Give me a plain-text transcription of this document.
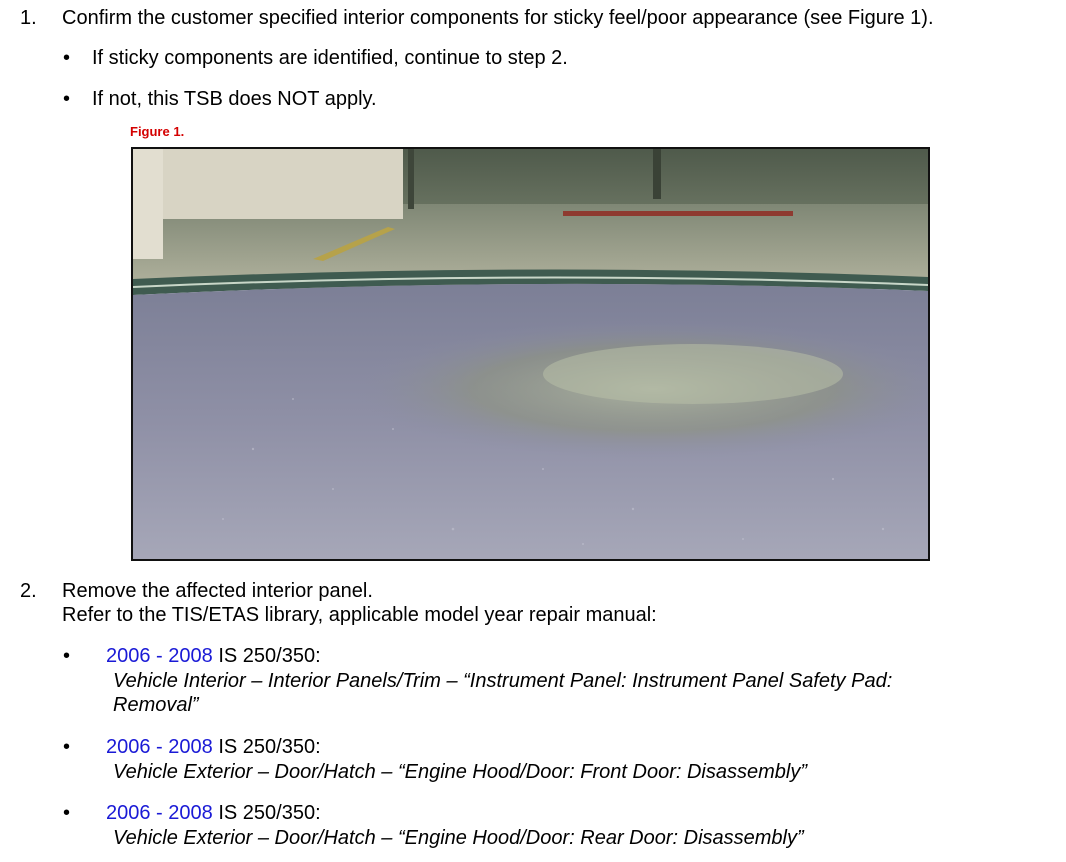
1. Confirm the customer specified interior components for sticky feel/poor appearance (see Figure 1).
• If sticky components are identified, continue to step 2.
• If not, this TSB does NOT apply.
Figure 1.
2. Remove the affected interior panel.
Refer to the TIS/ETAS library, applicable model year repair manual:
• 2006 - 2008 IS 250/350:
Vehicle Interior – Interior Panels/Trim – “Instrument Panel: Instrument Panel Safety Pad:
Removal”
• 2006 - 2008 IS 250/350:
Vehicle Exterior – Door/Hatch – “Engine Hood/Door: Front Door: Disassembly”
• 2006 - 2008 IS 250/350:
Vehicle Exterior – Door/Hatch – “Engine Hood/Door: Rear Door: Disassembly”
